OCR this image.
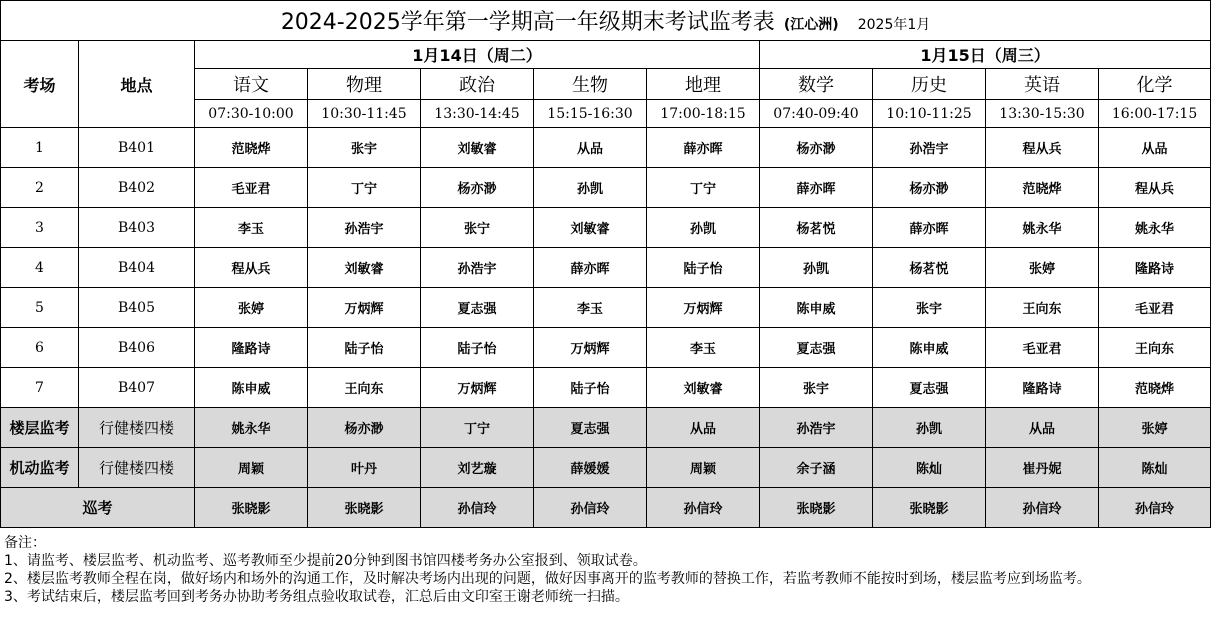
2024-2025学年第一学期高一年级期末考试监考表 (江心洲) 2025年1月										
考场	地点	1月14日（周二）					1月15日（周三）			
		语文	物理	政治	生物	地理	数学	历史	英语	化学
		07:30-10:00	10:30-11:45	13:30-14:45	15:15-16:30	17:00-18:15	07:40-09:40	10:10-11:25	13:30-15:30	16:00-17:15
1	B401	范晓烨	张宇	刘敏睿	从品	薛亦晖	杨亦渺	孙浩宇	程从兵	从品
2	B402	毛亚君	丁宁	杨亦渺	孙凯	丁宁	薛亦晖	杨亦渺	范晓烨	程从兵
3	B403	李玉	孙浩宇	张宁	刘敏睿	孙凯	杨茗悦	薛亦晖	姚永华	姚永华
4	B404	程从兵	刘敏睿	孙浩宇	薛亦晖	陆子怡	孙凯	杨茗悦	张婷	隆路诗
5	B405	张婷	万炳辉	夏志强	李玉	万炳辉	陈申威	张宇	王向东	毛亚君
6	B406	隆路诗	陆子怡	陆子怡	万炳辉	李玉	夏志强	陈申威	毛亚君	王向东
7	B407	陈申威	王向东	万炳辉	陆子怡	刘敏睿	张宇	夏志强	隆路诗	范晓烨
楼层监考	行健楼四楼	姚永华	杨亦渺	丁宁	夏志强	从品	孙浩宇	孙凯	从品	张婷
机动监考	行健楼四楼	周颖	叶丹	刘艺璇	薛媛媛	周颖	余子涵	陈灿	崔丹妮	陈灿
巡考		张晓影	张晓影	孙信玲	孙信玲	孙信玲	张晓影	张晓影	孙信玲	孙信玲
备注：
1、请监考、楼层监考、机动监考、巡考教师至少提前20分钟到图书馆四楼考务办公室报到、领取试卷。
2、楼层监考教师全程在岗，做好场内和场外的沟通工作，及时解决考场内出现的问题，做好因事离开的监考教师的替换工作，若监考教师不能按时到场，楼层监考应到场监考。
3、考试结束后，楼层监考回到考务办协助考务组点验收取试卷，汇总后由文印室王谢老师统一扫描。
